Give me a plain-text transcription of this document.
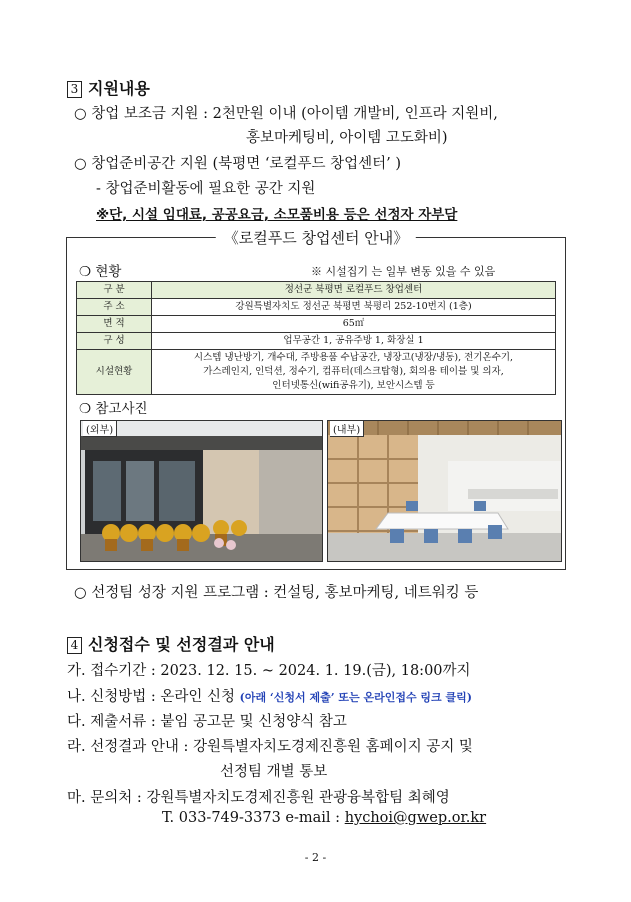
3 지원내용
○ 창업 보조금 지원 : 2천만원 이내 (아이템 개발비, 인프라 지원비,
홍보마케팅비, 아이템 고도화비)
○ 창업준비공간 지원 (북평면 ‘로컬푸드 창업센터’ )
- 창업준비활동에 필요한 공간 지원
※단, 시설 임대료, 공공요금, 소모품비용 등은 선정자 자부담
《로컬푸드 창업센터 안내》
❍ 현황	※ 시설집기 는 일부 변동 있을 수 있음
구 분	정선군 북평면 로컬푸드 창업센터
주 소	강원특별자치도 정선군 북평면 북평리 252-10번지 (1층)
면 적	65㎡
구 성	업무공간 1, 공유주방 1, 화장실 1
시설현황	시스템 냉난방기, 개수대, 주방용품 수납공간, 냉장고(냉장/냉동), 전기온수기,
가스레인지, 인덕션, 정수기, 컴퓨터(데스크탑형), 회의용 테이블 및 의자,
인터넷통신(wifi공유기), 보안시스템 등
❍ 참고사진
(외부)	(내부)
○ 선정팀 성장 지원 프로그램 : 컨설팅, 홍보마케팅, 네트워킹 등
4 신청접수 및 선정결과 안내
가. 접수기간 : 2023. 12. 15. ~ 2024. 1. 19.(금), 18:00까지
나. 신청방법 : 온라인 신청 (아래 ‘신청서 제출’ 또는 온라인접수 링크 클릭)
다. 제출서류 : 붙임 공고문 및 신청양식 참고
라. 선정결과 안내 : 강원특별자치도경제진흥원 홈페이지 공지 및
선정팀 개별 통보
마. 문의처 : 강원특별자치도경제진흥원 관광융복합팀 최혜영
T. 033-749-3373 e-mail : hychoi@gwep.or.kr
- 2 -
